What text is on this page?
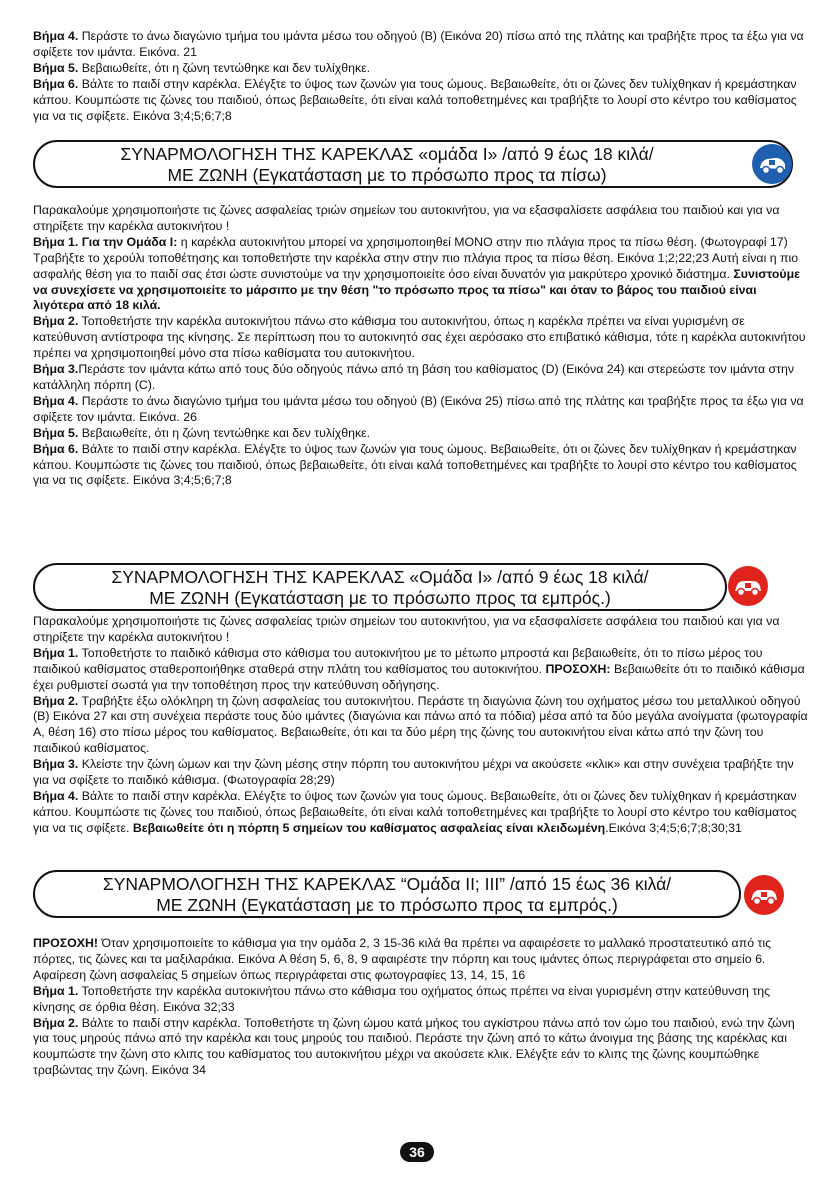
Βήμα 4. Περάστε το άνω διαγώνιο τμήμα του ιμάντα μέσω του οδηγού (B) (Εικόνα 20) πίσω από της πλάτης και τραβήξτε προς τα έξω για να σφίξετε τον ιμάντα. Εικόνα. 21

Βήμα 5. Βεβαιωθείτε, ότι η ζώνη τεντώθηκε και δεν τυλίχθηκε.

Βήμα 6. Βάλτε το παιδί στην καρέκλα. Ελέγξτε το ύψος των ζωνών για τους ώμους. Βεβαιωθείτε, ότι οι ζώνες δεν τυλίχθηκαν ή κρεμάστηκαν κάπου. Κουμπώστε τις ζώνες του παιδιού, όπως βεβαιωθείτε, ότι είναι καλά τοποθετημένες και τραβήξτε το λουρί στο κέντρο του καθίσματος για να τις σφίξετε. Εικόνα 3;4;5;6;7;8

ΣΥΝΑΡΜΟΛΟΓΗΣΗ ΤΗΣ ΚΑΡΕΚΛΑΣ «ομάδα I» /από 9 έως 18 κιλά/
ΜΕ ΖΩΝΗ (Εγκατάσταση με το πρόσωπο προς τα πίσω)

Παρακαλούμε χρησιμοποιήστε τις ζώνες ασφαλείας τριών σημείων του αυτοκινήτου, για να εξασφαλίσετε ασφάλεια του παιδιού και για να στηρίξετε την καρέκλα αυτοκινήτου !

Βήμα 1. Για την Ομάδα I: η καρέκλα αυτοκινήτου μπορεί να χρησιμοποιηθεί ΜΟΝΟ στην πιο πλάγια προς τα πίσω θέση. (Φωτογραφί 17) Τραβήξτε το χερούλι τοποθέτησης και τοποθετήστε την καρέκλα στην στην πιο πλάγια προς τα πίσω θέση. Εικόνα 1;2;22;23 Αυτή είναι η πιο ασφαλής θέση για το παιδί σας έτσι ώστε συνιστούμε να την χρησιμοποιείτε όσο είναι δυνατόν για μακρύτερο χρονικό διάστημα. Συνιστούμε να συνεχίσετε να χρησιμοποιείτε το μάρσιπο με την θέση "το πρόσωπο προς τα πίσω" και όταν το βάρος του παιδιού είναι λιγότερα από 18 κιλά.

Βήμα 2. Τοποθετήστε την καρέκλα αυτοκινήτου πάνω στο κάθισμα του αυτοκινήτου, όπως η καρέκλα πρέπει να είναι γυρισμένη σε κατεύθυνση αντίστροφα της κίνησης. Σε περίπτωση που το αυτοκινητό σας έχει αερόσακο στο επιβατικό κάθισμα, τότε η καρέκλα αυτοκινήτου πρέπει να χρησιμοποιηθεί μόνο στα πίσω καθίσματα του αυτοκινήτου.

Βήμα 3.Περάστε τον ιμάντα κάτω από τους δύο οδηγούς πάνω από τη βάση του καθίσματος (D) (Εικόνα 24) και στερεώστε τον ιμάντα στην κατάλληλη πόρπη (C).

Βήμα 4. Περάστε το άνω διαγώνιο τμήμα του ιμάντα μέσω του οδηγού (B) (Εικόνα 25) πίσω από της πλάτης και τραβήξτε προς τα έξω για να σφίξετε τον ιμάντα. Εικόνα. 26

Βήμα 5. Βεβαιωθείτε, ότι η ζώνη τεντώθηκε και δεν τυλίχθηκε.

Βήμα 6. Βάλτε το παιδί στην καρέκλα. Ελέγξτε το ύψος των ζωνών για τους ώμους. Βεβαιωθείτε, ότι οι ζώνες δεν τυλίχθηκαν ή κρεμάστηκαν κάπου. Κουμπώστε τις ζώνες του παιδιού, όπως βεβαιωθείτε, ότι είναι καλά τοποθετημένες και τραβήξτε το λουρί στο κέντρο του καθίσματος για να τις σφίξετε. Εικόνα 3;4;5;6;7;8

ΣΥΝΑΡΜΟΛΟΓΗΣΗ ΤΗΣ ΚΑΡΕΚΛΑΣ «Ομάδα I» /από 9 έως 18 κιλά/
ΜΕ ΖΩΝΗ (Εγκατάσταση με το πρόσωπο προς τα εμπρός.)

Παρακαλούμε χρησιμοποιήστε τις ζώνες ασφαλείας τριών σημείων του αυτοκινήτου, για να εξασφαλίσετε ασφάλεια του παιδιού και για να στηρίξετε την καρέκλα αυτοκινήτου !

Βήμα 1. Τοποθετήστε το παιδικό κάθισμα στο κάθισμα του αυτοκινήτου με το μέτωπο μπροστά και βεβαιωθείτε, ότι το πίσω μέρος του παιδικού καθίσματος σταθεροποιήθηκε σταθερά στην πλάτη του καθίσματος του αυτοκινήτου. ΠΡΟΣΟΧΗ: Βεβαιωθείτε ότι το παιδικό κάθισμα έχει ρυθμιστεί σωστά για την τοποθέτηση προς την κατεύθυνση οδήγησης.

Βήμα 2. Τραβήξτε έξω ολόκληρη τη ζώνη ασφαλείας του αυτοκινήτου. Περάστε τη διαγώνια ζώνη του οχήματος μέσω του μεταλλικού οδηγού (B) Εικόνα 27 και στη συνέχεια περάστε τους δύο ιμάντες (διαγώνια και πάνω από τα πόδια) μέσα από τα δύο μεγάλα ανοίγματα (φωτογραφία A, θέση 16) στο πίσω μέρος του καθίσματος. Βεβαιωθείτε, ότι και τα δύο μέρη της ζώνης του αυτοκινήτου είναι κάτω από την ζώνη του παιδικού καθίσματος.

Βήμα 3. Κλείστε την ζώνη ώμων και την ζώνη μέσης στην πόρπη του αυτοκινήτου μέχρι να ακούσετε «κλικ» και στην συνέχεια τραβήξτε την για να σφίξετε το παιδικό κάθισμα. (Φωτογραφία 28;29)

Βήμα 4. Βάλτε το παιδί στην καρέκλα. Ελέγξτε το ύψος των ζωνών για τους ώμους. Βεβαιωθείτε, ότι οι ζώνες δεν τυλίχθηκαν ή κρεμάστηκαν κάπου. Κουμπώστε τις ζώνες του παιδιού, όπως βεβαιωθείτε, ότι είναι καλά τοποθετημένες και τραβήξτε το λουρί στο κέντρο του καθίσματος για να τις σφίξετε. Βεβαιωθείτε ότι η πόρπη 5 σημείων του καθίσματος ασφαλείας είναι κλειδωμένη.Εικόνα 3;4;5;6;7;8;30;31

ΣΥΝΑΡΜΟΛΟΓΗΣΗ ΤΗΣ ΚΑΡΕΚΛΑΣ “Ομάδα II; III” /από 15 έως 36 κιλά/
ΜΕ ΖΩΝΗ (Εγκατάσταση με το πρόσωπο προς τα εμπρός.)

ΠΡΟΣΟΧΗ! Όταν χρησιμοποιείτε το κάθισμα για την ομάδα 2, 3 15-36 κιλά θα πρέπει να αφαιρέσετε το μαλλακό προστατευτικό από τις πόρτες, τις ζώνες και τα μαξιλαράκια. Εικόνα A θέση 5, 6, 8, 9 αφαιρέστε την πόρπη και τους ιμάντες όπως περιγράφεται στο σημείο 6. Αφαίρεση ζώνη ασφαλείας 5 σημείων όπως περιγράφεται στις φωτογραφίες 13, 14, 15, 16

Βήμα 1. Τοποθετήστε την καρέκλα αυτοκινήτου πάνω στο κάθισμα του οχήματος όπως πρέπει να είναι γυρισμένη στην κατεύθυνση της κίνησης σε όρθια θέση. Εικόνα 32;33

Βήμα 2. Βάλτε το παιδί στην καρέκλα. Τοποθετήστε τη ζώνη ώμου κατά μήκος του αγκίστρου πάνω από τον ώμο του παιδιού, ενώ την ζώνη για τους μηρούς πάνω από την καρέκλα και τους μηρούς του παιδιού. Περάστε την ζώνη από το κάτω άνοιγμα της βάσης της καρέκλας και κουμπώστε την ζώνη στο κλιπς του καθίσματος του αυτοκινήτου μέχρι να ακούσετε κλικ. Ελέγξτε εάν το κλιπς της ζώνης κουμπώθηκε τραβώντας την ζώνη. Εικόνα 34

36
